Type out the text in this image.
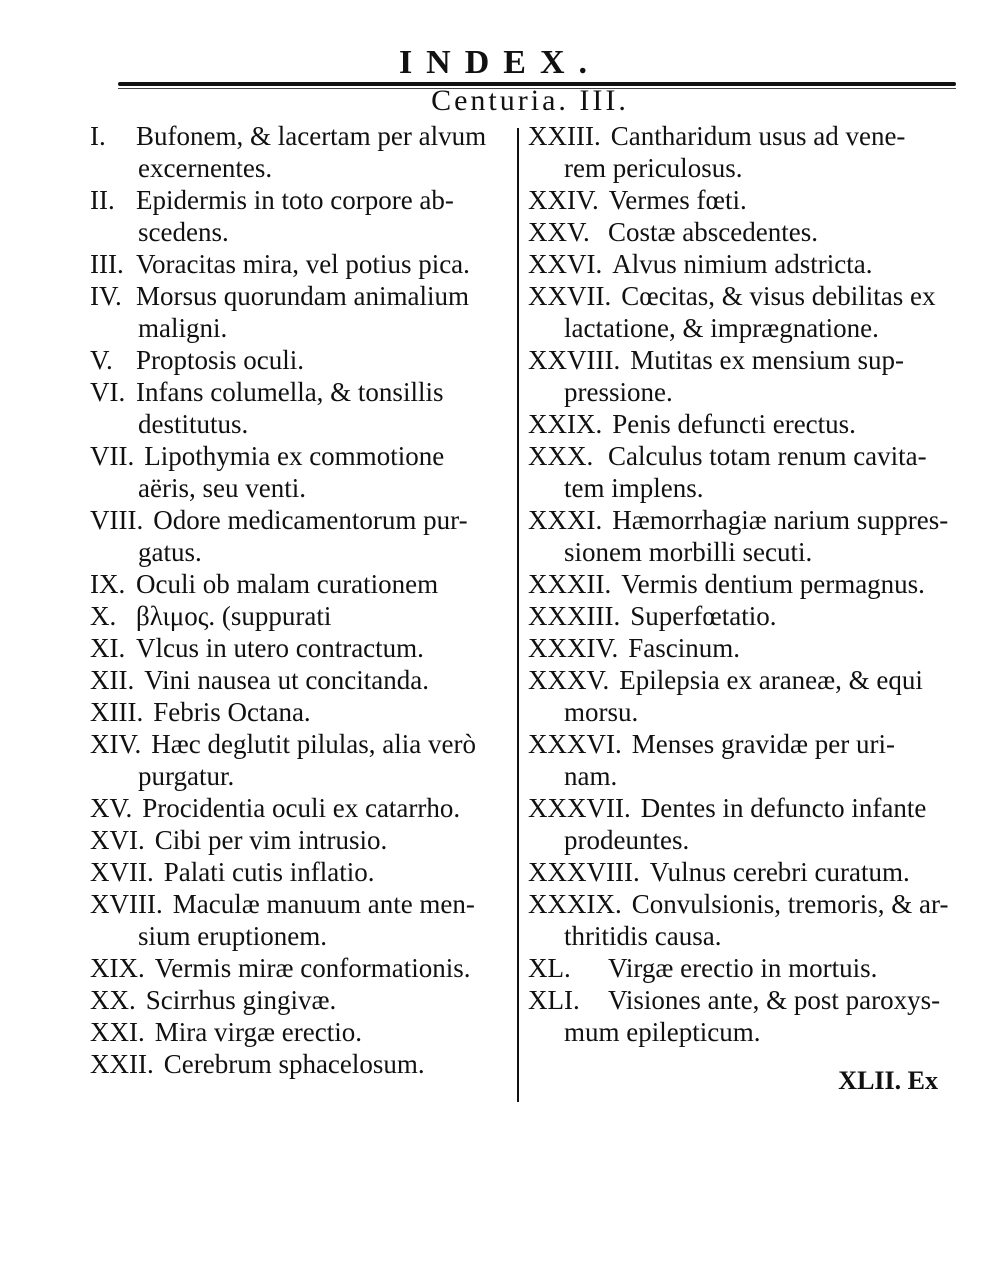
INDEX.
Centuria. III.
I. Bufonem, & lacertam per alvum
excernentes.
II. Epidermis in toto corpore ab-
scedens.
III. Voracitas mira, vel potius pica.
IV. Morsus quorundam animalium
maligni.
V. Proptosis oculi.
VI. Infans columella, & tonsillis
destitutus.
VII. Lipothymia ex commotione
aëris, seu venti.
VIII. Odore medicamentorum pur-
gatus.
IX. Oculi ob malam curationem
X. βλιμος. (suppurati
XI. Vlcus in utero contractum.
XII. Vini nausea ut concitanda.
XIII. Febris Octana.
XIV. Hæc deglutit pilulas, alia verò
purgatur.
XV. Procidentia oculi ex catarrho.
XVI. Cibi per vim intrusio.
XVII. Palati cutis inflatio.
XVIII. Maculæ manuum ante men-
sium eruptionem.
XIX. Vermis miræ conformationis.
XX. Scirrhus gingivæ.
XXI. Mira virgæ erectio.
XXII. Cerebrum sphacelosum.
XXIII. Cantharidum usus ad vene-
rem periculosus.
XXIV. Vermes fœti.
XXV. Costæ abscedentes.
XXVI. Alvus nimium adstricta.
XXVII. Cœcitas, & visus debilitas ex
lactatione, & imprægnatione.
XXVIII. Mutitas ex mensium sup-
pressione.
XXIX. Penis defuncti erectus.
XXX. Calculus totam renum cavita-
tem implens.
XXXI. Hæmorrhagiæ narium suppres-
sionem morbilli secuti.
XXXII. Vermis dentium permagnus.
XXXIII. Superfœtatio.
XXXIV. Fascinum.
XXXV. Epilepsia ex araneæ, & equi
morsu.
XXXVI. Menses gravidæ per uri-
nam.
XXXVII. Dentes in defuncto infante
prodeuntes.
XXXVIII. Vulnus cerebri curatum.
XXXIX. Convulsionis, tremoris, & ar-
thritidis causa.
XL. Virgæ erectio in mortuis.
XLI. Visiones ante, & post paroxys-
mum epilepticum.
XLII. Ex
